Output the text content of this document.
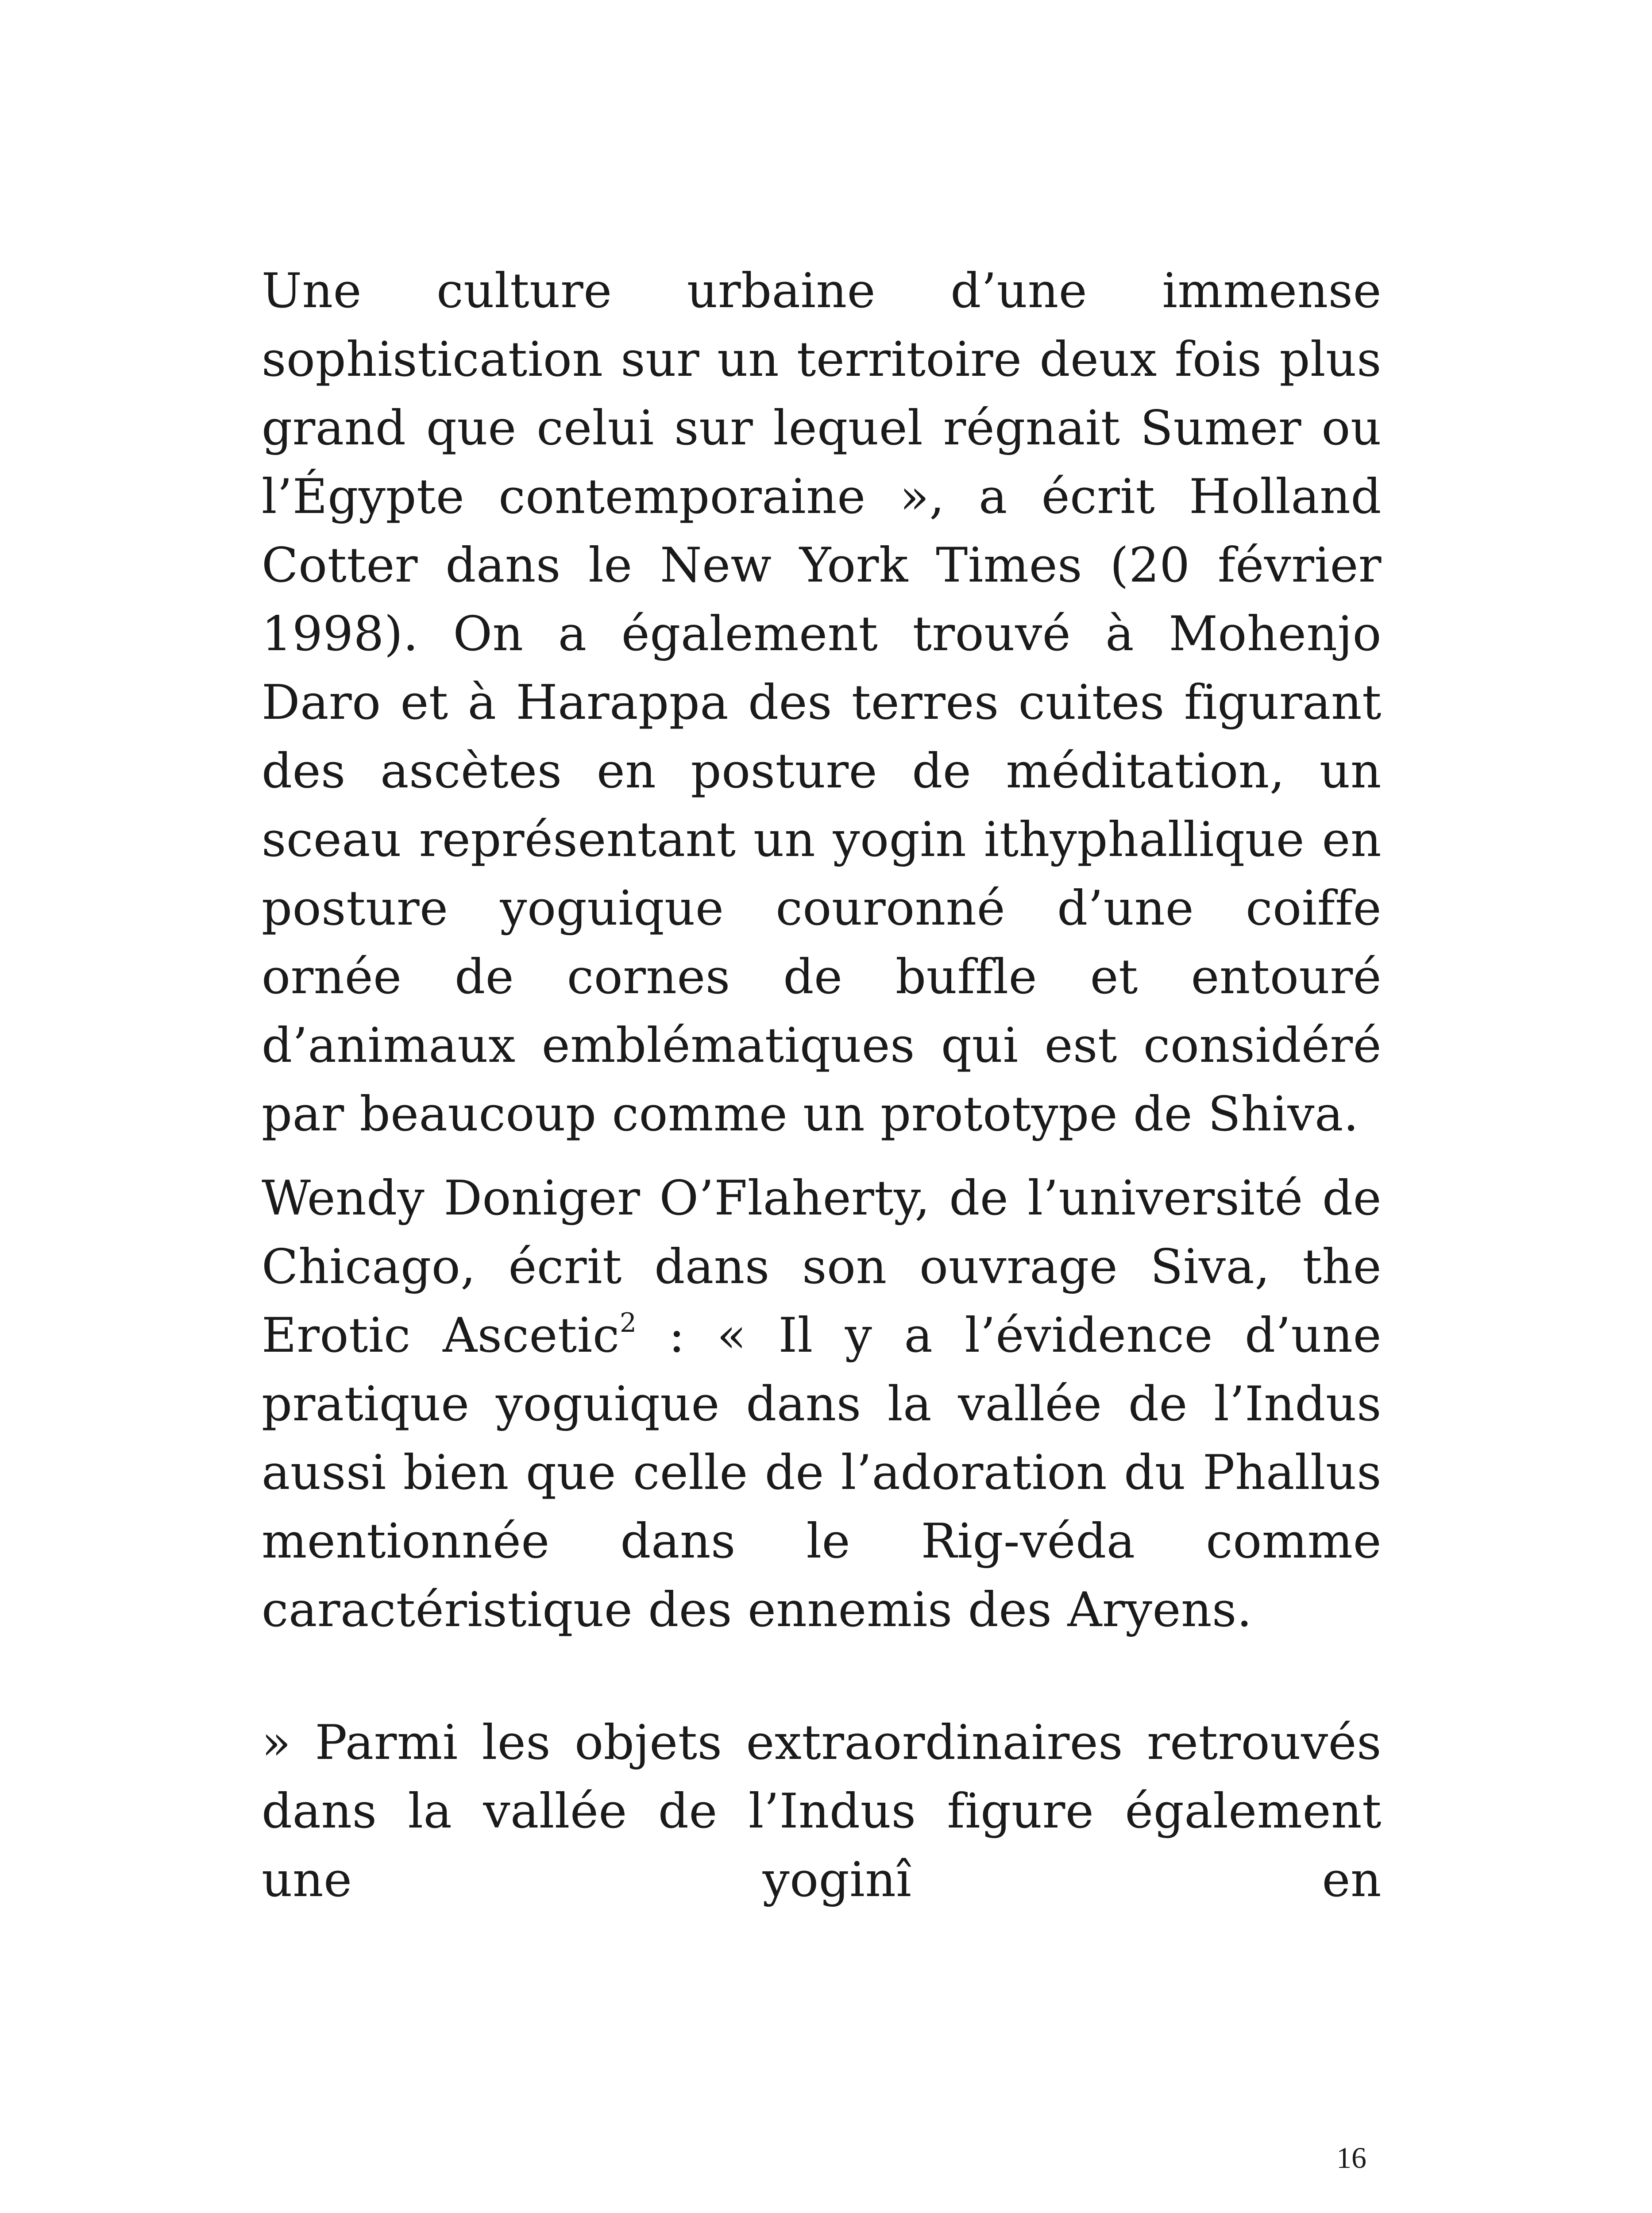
Une culture urbaine d’une immense sophistication sur un territoire deux fois plus grand que celui sur lequel régnait Sumer ou l’Égypte contemporaine », a écrit Holland Cotter dans le New York Times (20 février 1998). On a également trouvé à Mohenjo Daro et à Harappa des terres cuites figurant des ascètes en posture de méditation, un sceau représentant un yogin ithyphallique en posture yoguique couronné d’une coiffe ornée de cornes de buffle et entouré d’animaux emblématiques qui est considéré par beaucoup comme un prototype de Shiva.

Wendy Doniger O’Flaherty, de l’université de Chicago, écrit dans son ouvrage Siva, the Erotic Ascetic$^2$ : « Il y a l’évidence d’une pratique yoguique dans la vallée de l’Indus aussi bien que celle de l’adoration du Phallus mentionnée dans le Rig-véda comme caractéristique des ennemis des Aryens.

» Parmi les objets extraordinaires retrouvés dans la vallée de l’Indus figure également une yoginî en

16
